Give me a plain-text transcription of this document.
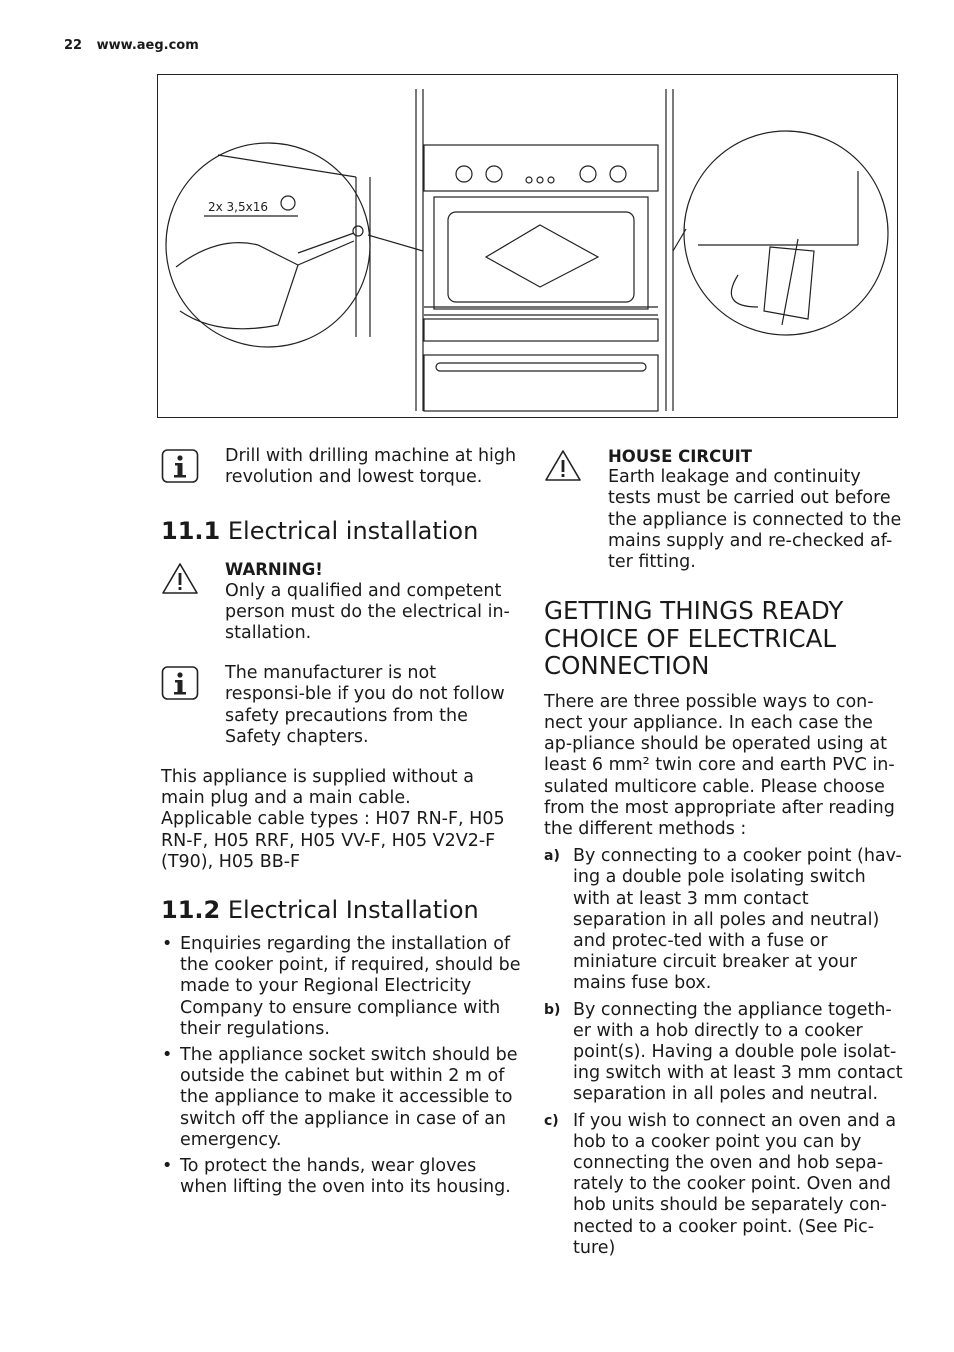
22 www.aeg.com
2x 3,5x16
Drill with drilling machine at high revolution and lowest torque.
11.1 Electrical installation
WARNING!
Only a qualified and competent person must do the electrical in-stallation.
The manufacturer is not responsi-ble if you do not follow safety precautions from the Safety chapters.

This appliance is supplied without a main plug and a main cable.

Applicable cable types : H07 RN-F, H05 RN-F, H05 RRF, H05 VV-F, H05 V2V2-F (T90), H05 BB-F

11.2 Electrical Installation
• Enquiries regarding the installation of the cooker point, if required, should be made to your Regional Electricity Company to ensure compliance with their regulations.
• The appliance socket switch should be outside the cabinet but within 2 m of the appliance to make it accessible to switch off the appliance in case of an emergency.
• To protect the hands, wear gloves when lifting the oven into its housing.
HOUSE CIRCUIT
Earth leakage and continuity tests must be carried out before the appliance is connected to the mains supply and re-checked af-ter fitting.
GETTING THINGS READY
CHOICE OF ELECTRICAL
CONNECTION

There are three possible ways to con-nect your appliance. In each case the ap-pliance should be operated using at least 6 mm² twin core and earth PVC in-sulated multicore cable. Please choose from the most appropriate after reading the different methods :

a) By connecting to a cooker point (hav-ing a double pole isolating switch with at least 3 mm contact separation in all poles and neutral) and protec-ted with a fuse or miniature circuit breaker at your mains fuse box.
b) By connecting the appliance togeth-er with a hob directly to a cooker point(s). Having a double pole isolat-ing switch with at least 3 mm contact separation in all poles and neutral.
c) If you wish to connect an oven and a hob to a cooker point you can by connecting the oven and hob sepa-rately to the cooker point. Oven and hob units should be separately con-nected to a cooker point. (See Pic-ture)
